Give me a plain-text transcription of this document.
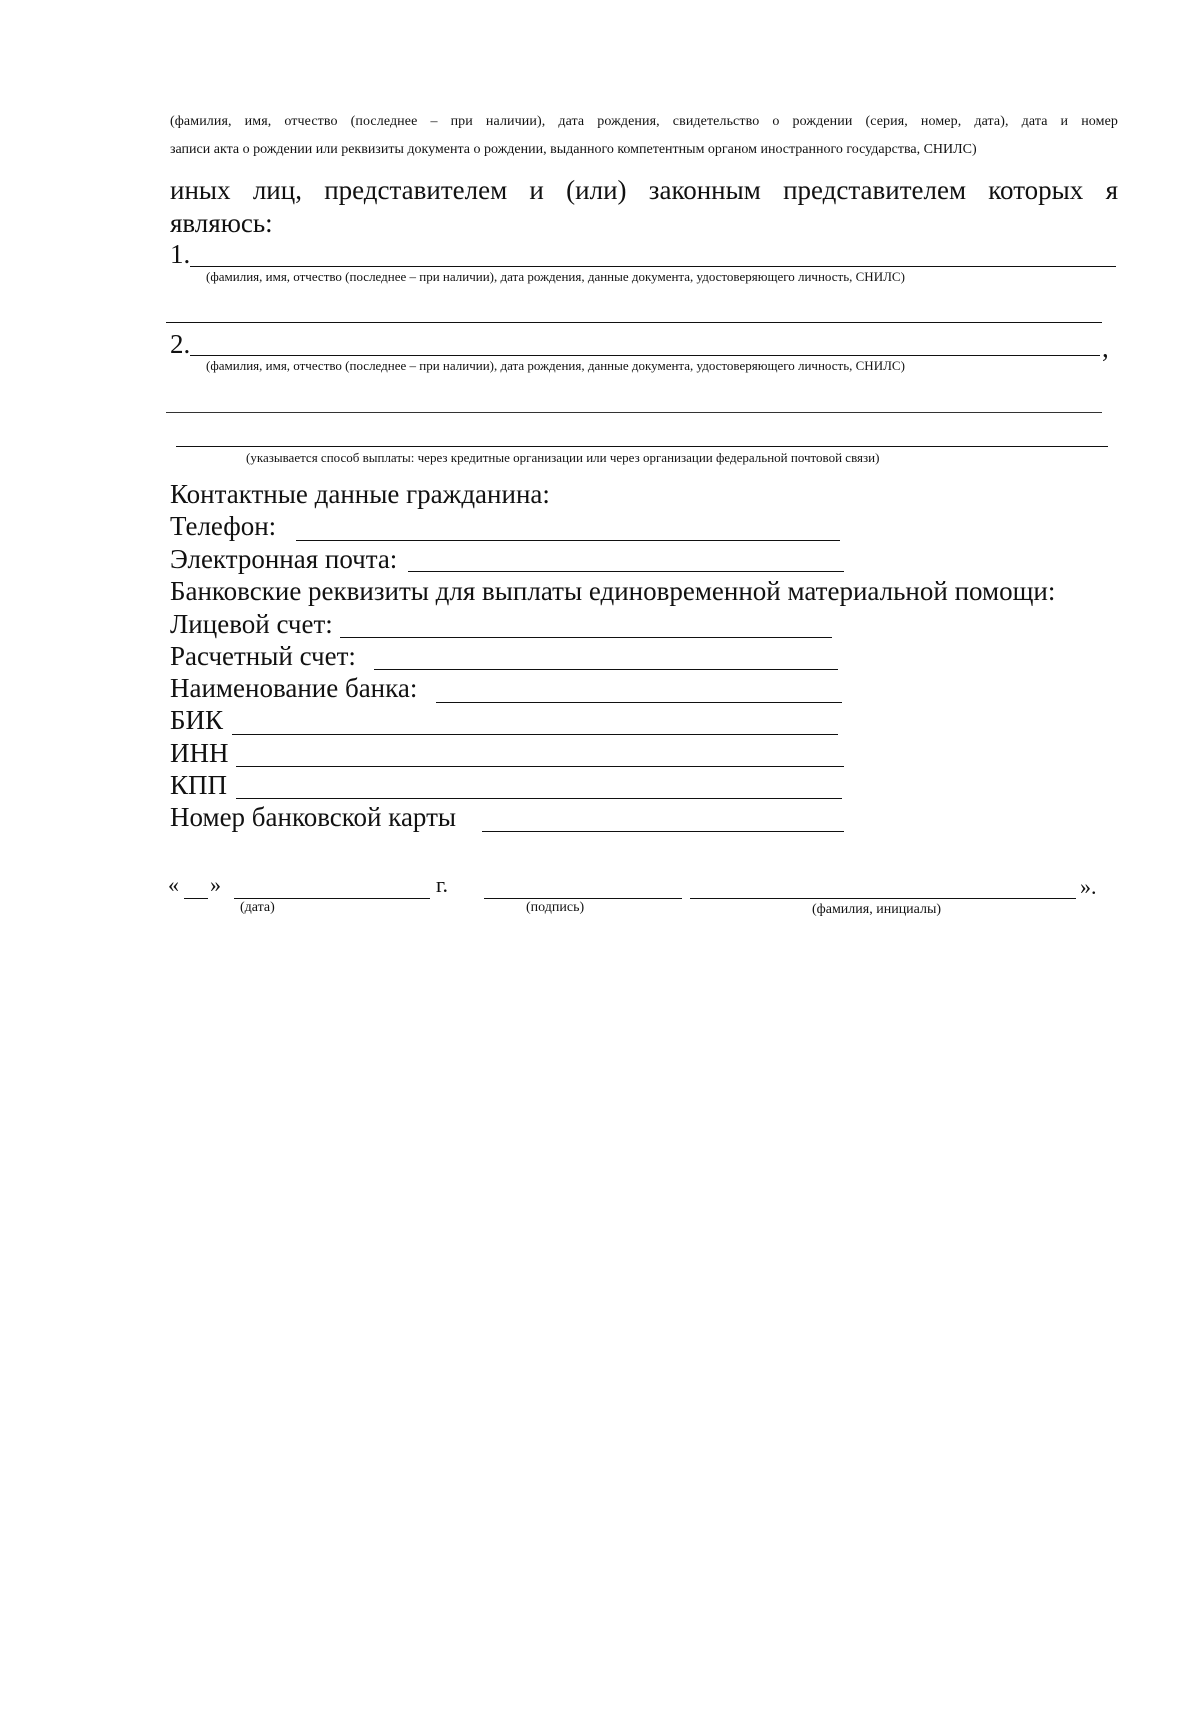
(фамилия, имя, отчество (последнее – при наличии), дата рождения, свидетельство о рождении (серия, номер, дата), дата и номер
записи акта о рождении или реквизиты документа о рождении, выданного компетентным органом иностранного государства, СНИЛС)
иных лиц, представителем и (или) законным представителем которых я
являюсь:
1.
(фамилия, имя, отчество (последнее – при наличии), дата рождения, данные документа, удостоверяющего личность, СНИЛС)
2.	,
(фамилия, имя, отчество (последнее – при наличии), дата рождения, данные документа, удостоверяющего личность, СНИЛС)
(указывается способ выплаты: через кредитные организации или через организации федеральной почтовой связи)
Контактные данные гражданина:
Телефон:
Электронная почта:
Банковские реквизиты для выплаты единовременной материальной помощи:
Лицевой счет:
Расчетный счет:
Наименование банка:
БИК
ИНН
КПП
Номер банковской карты
« »	г.	».
(дата)	(подпись)	(фамилия, инициалы)
